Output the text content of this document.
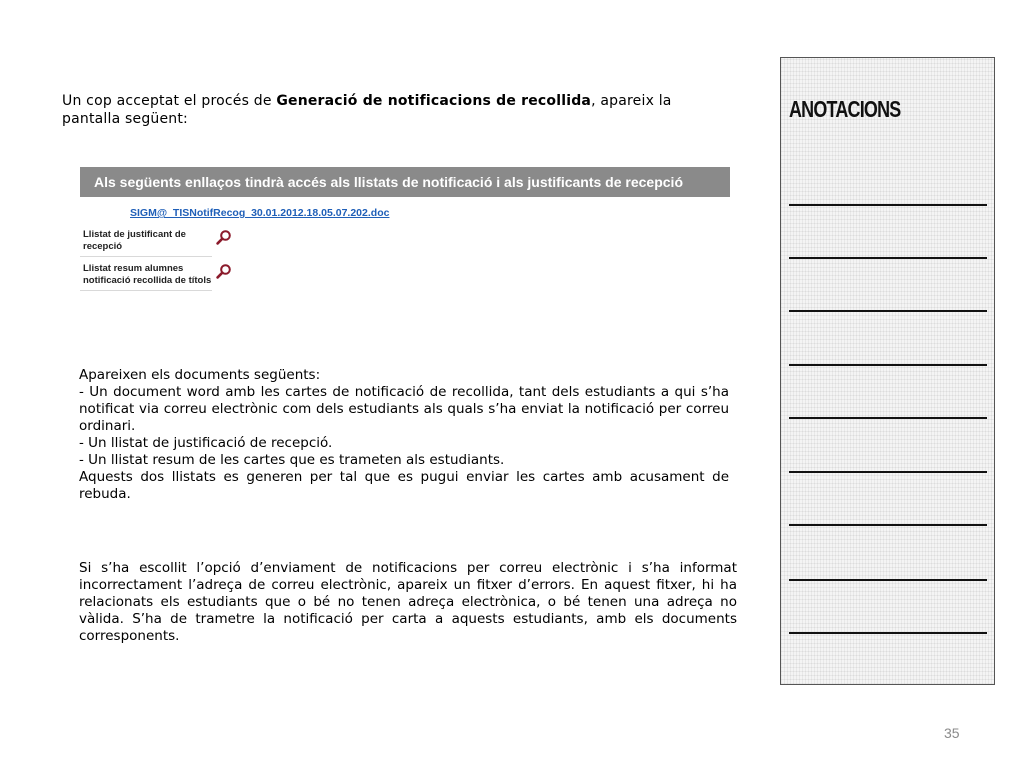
Un cop acceptat el procés de Generació de notificacions de recollida, apareix la pantalla següent:
Als següents enllaços tindrà accés als llistats de notificació i als justificants de recepció
SIGM@_TISNotifRecog_30.01.2012.18.05.07.202.doc
Llistat de justificant de recepció
Llistat resum alumnes notificació recollida de títols

Apareixen els documents següents:

- Un document word amb les cartes de notificació de recollida, tant dels estudiants a qui s’ha notificat via correu electrònic com dels estudiants als quals s’ha enviat la notificació per correu ordinari.

- Un llistat de justificació de recepció.

- Un llistat resum de les cartes que es trameten als estudiants.

Aquests dos llistats es generen per tal que es pugui enviar les cartes amb acusament de rebuda.

Si s’ha escollit l’opció d’enviament de notificacions per correu electrònic i s’ha informat incorrectament l’adreça de correu electrònic, apareix un fitxer d’errors. En aquest fitxer, hi ha relacionats els estudiants que o bé no tenen adreça electrònica, o bé tenen una adreça no vàlida. S’ha de trametre la notificació per carta a aquests estudiants, amb els documents corresponents.
ANOTACIONS
35
